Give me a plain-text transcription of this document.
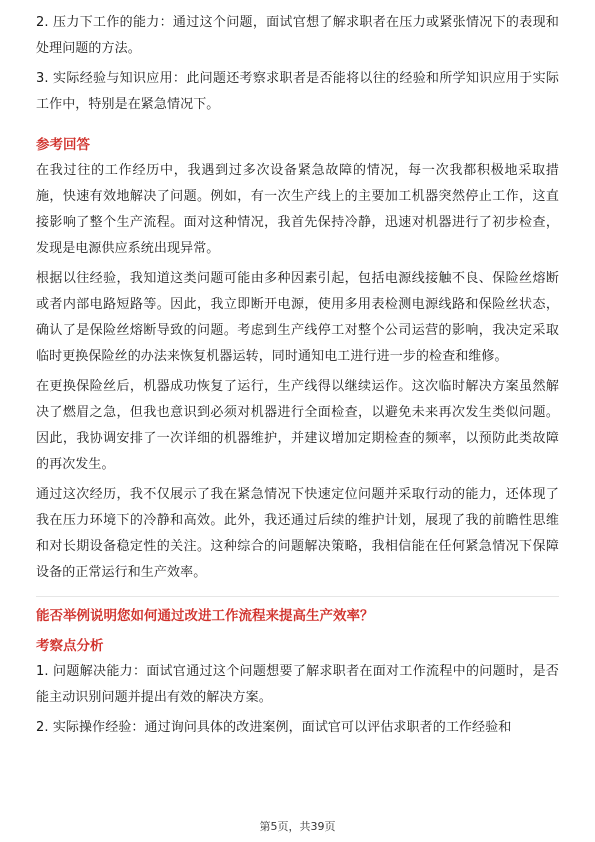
2. 压力下工作的能力：通过这个问题，面试官想了解求职者在压力或紧张情况下的表现和处理问题的方法。

3. 实际经验与知识应用：此问题还考察求职者是否能将以往的经验和所学知识应用于实际工作中，特别是在紧急情况下。

参考回答

在我过往的工作经历中，我遇到过多次设备紧急故障的情况，每一次我都积极地采取措施，快速有效地解决了问题。例如，有一次生产线上的主要加工机器突然停止工作，这直接影响了整个生产流程。面对这种情况，我首先保持冷静，迅速对机器进行了初步检查，发现是电源供应系统出现异常。

根据以往经验，我知道这类问题可能由多种因素引起，包括电源线接触不良、保险丝熔断或者内部电路短路等。因此，我立即断开电源，使用多用表检测电源线路和保险丝状态，确认了是保险丝熔断导致的问题。考虑到生产线停工对整个公司运营的影响，我决定采取临时更换保险丝的办法来恢复机器运转，同时通知电工进行进一步的检查和维修。

在更换保险丝后，机器成功恢复了运行，生产线得以继续运作。这次临时解决方案虽然解决了燃眉之急，但我也意识到必须对机器进行全面检查，以避免未来再次发生类似问题。因此，我协调安排了一次详细的机器维护，并建议增加定期检查的频率，以预防此类故障的再次发生。

通过这次经历，我不仅展示了我在紧急情况下快速定位问题并采取行动的能力，还体现了我在压力环境下的冷静和高效。此外，我还通过后续的维护计划，展现了我的前瞻性思维和对长期设备稳定性的关注。这种综合的问题解决策略，我相信能在任何紧急情况下保障设备的正常运行和生产效率。

能否举例说明您如何通过改进工作流程来提高生产效率？

考察点分析

1. 问题解决能力：面试官通过这个问题想要了解求职者在面对工作流程中的问题时，是否能主动识别问题并提出有效的解决方案。

2. 实际操作经验：通过询问具体的改进案例，面试官可以评估求职者的工作经验和

第5页，共39页
